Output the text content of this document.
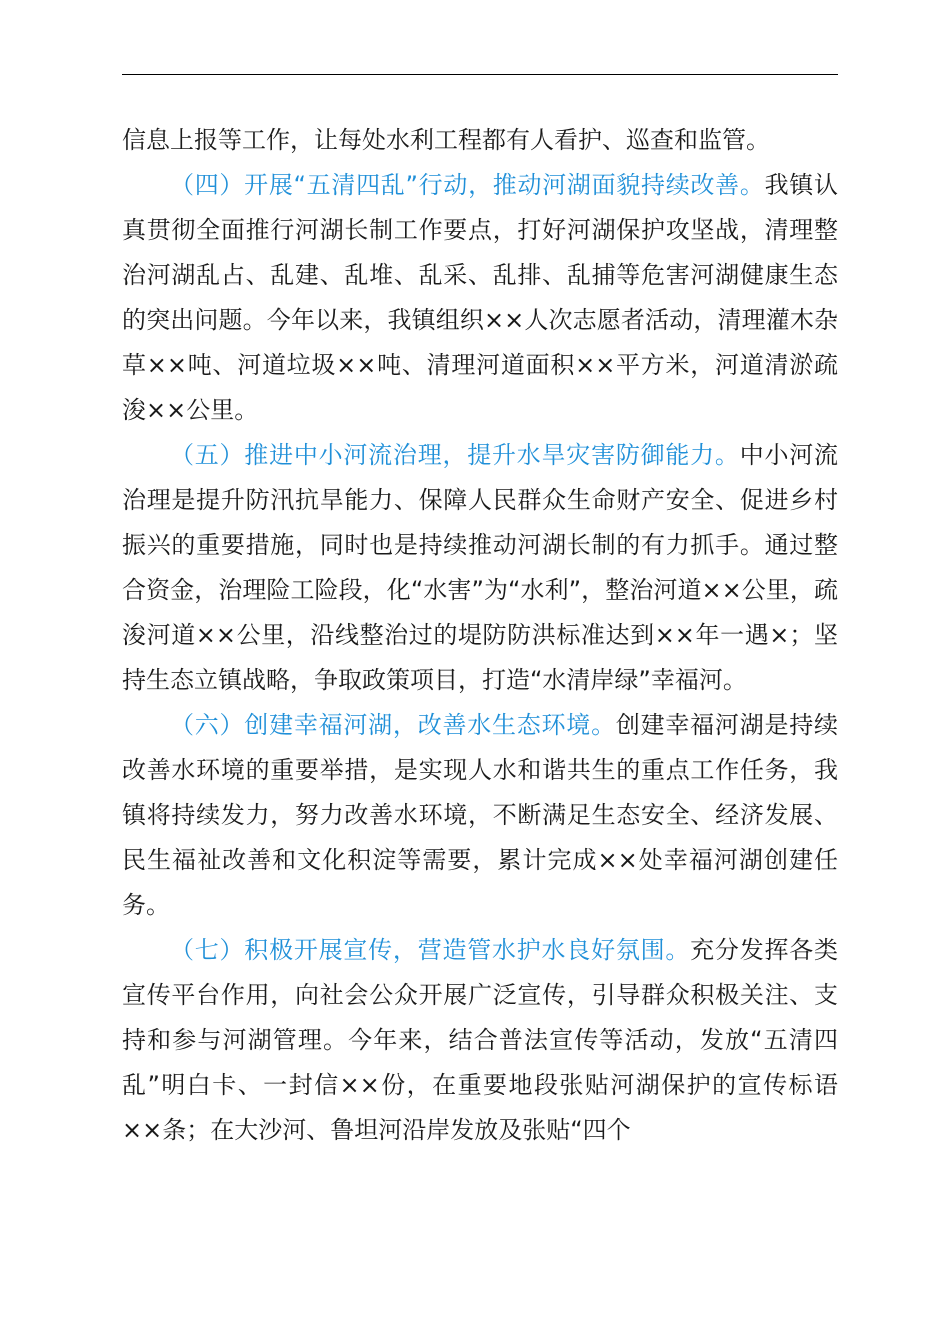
信息上报等工作，让每处水利工程都有人看护、巡查和监管。

（四）开展“五清四乱”行动，推动河湖面貌持续改善。我镇认真贯彻全面推行河湖长制工作要点，打好河湖保护攻坚战，清理整治河湖乱占、乱建、乱堆、乱采、乱排、乱捕等危害河湖健康生态的突出问题。今年以来，我镇组织××人次志愿者活动，清理灌木杂草××吨、河道垃圾××吨、清理河道面积××平方米，河道清淤疏浚××公里。

（五）推进中小河流治理，提升水旱灾害防御能力。中小河流治理是提升防汛抗旱能力、保障人民群众生命财产安全、促进乡村振兴的重要措施，同时也是持续推动河湖长制的有力抓手。通过整合资金，治理险工险段，化“水害”为“水利”，整治河道××公里，疏浚河道××公里，沿线整治过的堤防防洪标准达到××年一遇×；坚持生态立镇战略，争取政策项目，打造“水清岸绿”幸福河。

（六）创建幸福河湖，改善水生态环境。创建幸福河湖是持续改善水环境的重要举措，是实现人水和谐共生的重点工作任务，我镇将持续发力，努力改善水环境，不断满足生态安全、经济发展、民生福祉改善和文化积淀等需要，累计完成××处幸福河湖创建任务。

（七）积极开展宣传，营造管水护水良好氛围。充分发挥各类宣传平台作用，向社会公众开展广泛宣传，引导群众积极关注、支持和参与河湖管理。今年来，结合普法宣传等活动，发放“五清四乱”明白卡、一封信××份，在重要地段张贴河湖保护的宣传标语××条；在大沙河、鲁坦河沿岸发放及张贴“四个
